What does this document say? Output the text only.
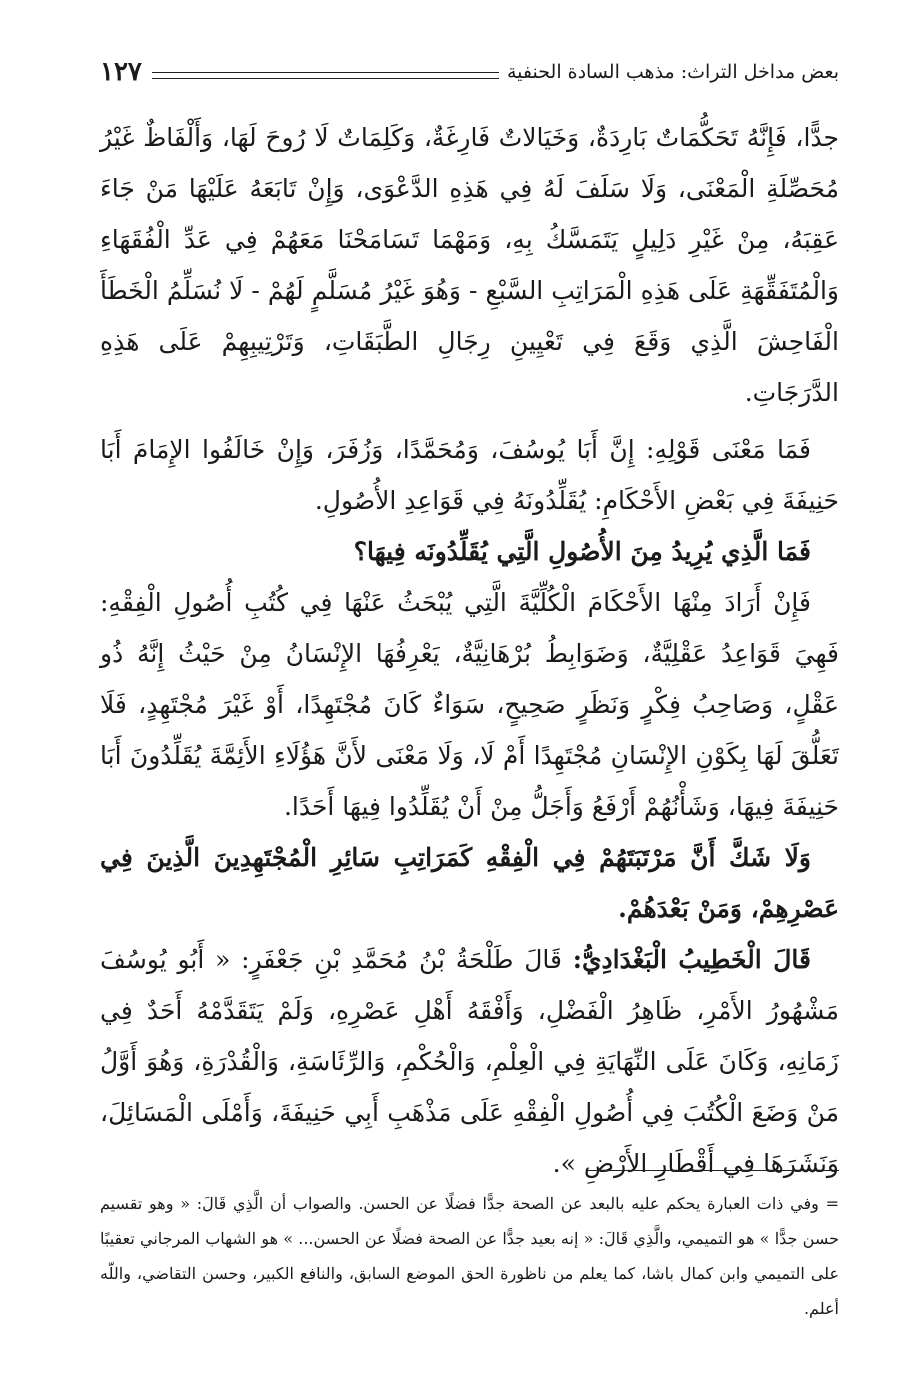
بعض مداخل التراث: مذهب السادة الحنفية
١٢٧

جدًّا، فَإِنَّهُ تَحَكُّمَاتٌ بَارِدَةٌ، وَخَيَالاتٌ فَارِغَةٌ، وَكَلِمَاتٌ لَا رُوحَ لَهَا، وَأَلْفَاظٌ غَيْرُ مُحَصِّلَةِ الْمَعْنَى، وَلَا سَلَفَ لَهُ فِي هَذِهِ الدَّعْوَى، وَإِنْ تَابَعَهُ عَلَيْهَا مَنْ جَاءَ عَقِبَهُ، مِنْ غَيْرِ دَلِيلٍ يَتَمَسَّكُ بِهِ، وَمَهْمَا تَسَامَحْنَا مَعَهُمْ فِي عَدِّ الْفُقَهَاءِ وَالْمُتَفَقِّهَةِ عَلَى هَذِهِ الْمَرَاتِبِ السَّبْعِ - وَهُوَ غَيْرُ مُسَلَّمٍ لَهُمْ - لَا نُسَلِّمُ الْخَطَأَ الْفَاحِشَ الَّذِي وَقَعَ فِي تَعْيِينِ رِجَالِ الطَّبَقَاتِ، وَتَرْتِيبِهِمْ عَلَى هَذِهِ الدَّرَجَاتِ.

فَمَا مَعْنَى قَوْلِهِ: إِنَّ أَبَا يُوسُفَ، وَمُحَمَّدًا، وَزُفَرَ، وَإِنْ خَالَفُوا الإِمَامَ أَبَا حَنِيفَةَ فِي بَعْضِ الأَحْكَامِ: يُقَلِّدُونَهُ فِي قَوَاعِدِ الأُصُولِ.

فَمَا الَّذِي يُرِيدُ مِنَ الأُصُولِ الَّتِي يُقَلِّدُونَه فِيهَا؟

فَإِنْ أَرَادَ مِنْهَا الأَحْكَامَ الْكُلِّيَّةَ الَّتِي يُبْحَثُ عَنْهَا فِي كُتُبِ أُصُولِ الْفِقْهِ: فَهِيَ قَوَاعِدُ عَقْلِيَّةٌ، وَضَوَابِطُ بُرْهَانِيَّةٌ، يَعْرِفُهَا الإِنْسَانُ مِنْ حَيْثُ إِنَّهُ ذُو عَقْلٍ، وَصَاحِبُ فِكْرٍ وَنَظَرٍ صَحِيحٍ، سَوَاءٌ كَانَ مُجْتَهِدًا، أَوْ غَيْرَ مُجْتَهِدٍ، فَلَا تَعَلُّقَ لَهَا بِكَوْنِ الإِنْسَانِ مُجْتَهِدًا أَمْ لَا، وَلَا مَعْنَى لأَنَّ هَؤُلَاءِ الأَئِمَّةَ يُقَلِّدُونَ أَبَا حَنِيفَةَ فِيهَا، وَشَأْنُهُمْ أَرْفَعُ وَأَجَلُّ مِنْ أَنْ يُقَلِّدُوا فِيهَا أَحَدًا.

وَلَا شَكَّ أَنَّ مَرْتَبَتَهُمْ فِي الْفِقْهِ كَمَرَاتِبِ سَائِرِ الْمُجْتَهِدِينَ الَّذِينَ فِي عَصْرِهِمْ، وَمَنْ بَعْدَهُمْ.

قَالَ الْخَطِيبُ الْبَغْدَادِيُّ: قَالَ طَلْحَةُ بْنُ مُحَمَّدِ بْنِ جَعْفَرٍ: « أَبُو يُوسُفَ مَشْهُورُ الأَمْرِ، ظَاهِرُ الْفَضْلِ، وَأَفْقَهُ أَهْلِ عَصْرِهِ، وَلَمْ يَتَقَدَّمْهُ أَحَدٌ فِي زَمَانِهِ، وَكَانَ عَلَى النِّهَايَةِ فِي الْعِلْمِ، وَالْحُكْمِ، وَالرِّئَاسَةِ، وَالْقُدْرَةِ، وَهُوَ أَوَّلُ مَنْ وَضَعَ الْكُتُبَ فِي أُصُولِ الْفِقْهِ عَلَى مَذْهَبِ أَبِي حَنِيفَةَ، وَأَمْلَى الْمَسَائِلَ، وَنَشَرَهَا فِي أَقْطَارِ الأَرْضِ ».

= وفي ذات العبارة يحكم عليه بالبعد عن الصحة جدًّا فضلًا عن الحسن. والصواب أن الَّذِي قَالَ: « وهو تقسيم حسن جدًّا » هو التميمي، والَّذِي قَالَ: « إنه بعيد جدًّا عن الصحة فضلًا عن الحسن... » هو الشهاب المرجاني تعقيبًا على التميمي وابن كمال باشا، كما يعلم من ناظورة الحق الموضع السابق، والنافع الكبير، وحسن التقاضي، واللّه أعلم.
